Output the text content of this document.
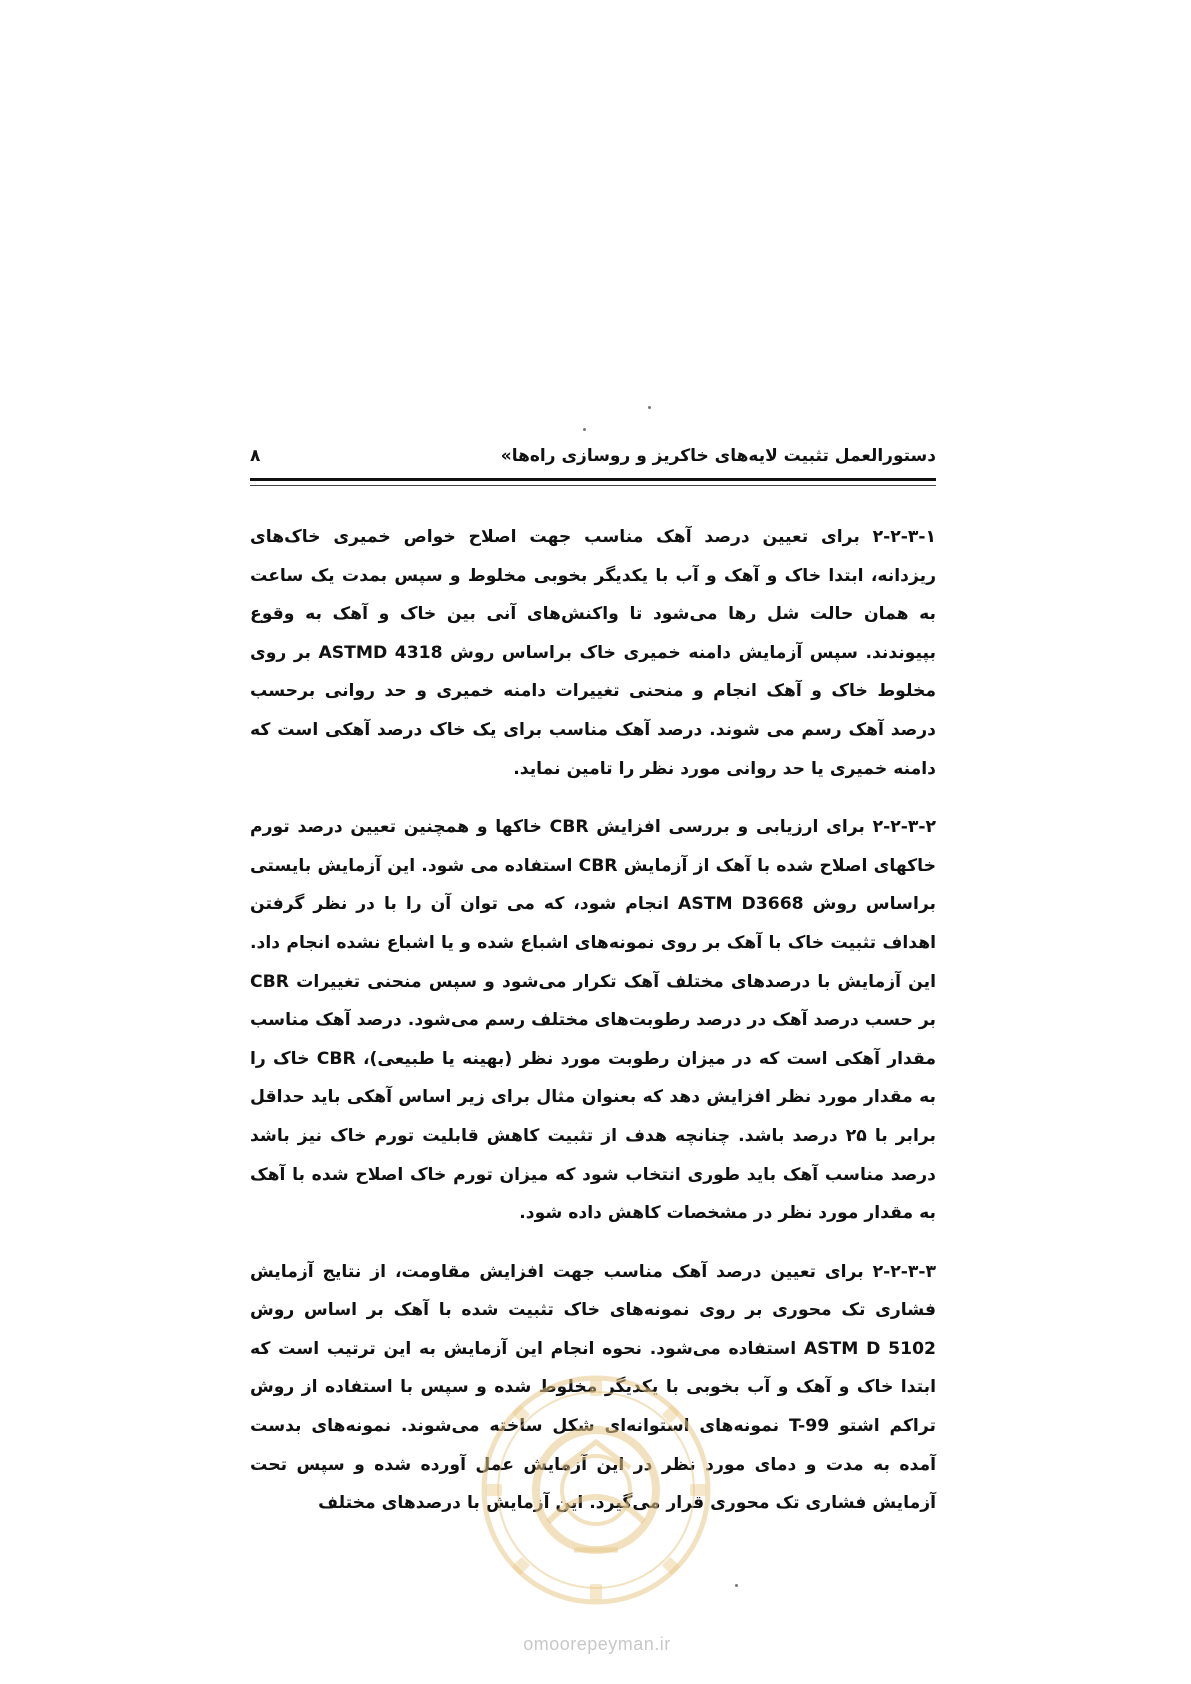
دستورالعمل تثبیت لایه‌های خاکریز و روسازی راه‌ها»
۸

۲-۲-۳-۱ برای تعیین درصد آهک مناسب جهت اصلاح خواص خمیری خاک‌های ریزدانه، ابتدا خاک و آهک و آب با یکدیگر بخوبی مخلوط و سپس بمدت یک ساعت به همان حالت شل رها می‌شود تا واکنش‌های آنی بین خاک و آهک به وقوع بپیوندند. سپس آزمایش دامنه خمیری خاک براساس روش ASTMD 4318 بر روی مخلوط خاک و آهک انجام و منحنی تغییرات دامنه خمیری و حد روانی برحسب درصد آهک رسم می شوند. درصد آهک مناسب برای یک خاک درصد آهکی است که دامنه خمیری یا حد روانی مورد نظر را تامین نماید.

۲-۲-۳-۲ برای ارزیابی و بررسی افزایش CBR خاکها و همچنین تعیین درصد تورم خاکهای اصلاح شده با آهک از آزمایش CBR استفاده می شود. این آزمایش بایستی براساس روش ASTM D3668 انجام شود، که می توان آن را با در نظر گرفتن اهداف تثبیت خاک با آهک بر روی نمونه‌های اشباع شده و یا اشباع نشده انجام داد. این آزمایش با درصدهای مختلف آهک تکرار می‌شود و سپس منحنی تغییرات CBR بر حسب درصد آهک در درصد رطوبت‌های مختلف رسم می‌شود. درصد آهک مناسب مقدار آهکی است که در میزان رطوبت مورد نظر (بهینه یا طبیعی)، CBR خاک را به مقدار مورد نظر افزایش دهد که بعنوان مثال برای زیر اساس آهکی باید حداقل برابر با ۲۵ درصد باشد. چنانچه هدف از تثبیت کاهش قابلیت تورم خاک نیز باشد درصد مناسب آهک باید طوری انتخاب شود که میزان تورم خاک اصلاح شده با آهک به مقدار مورد نظر در مشخصات کاهش داده شود.

۲-۲-۳-۳ برای تعیین درصد آهک مناسب جهت افزایش مقاومت، از نتایج آزمایش فشاری تک محوری بر روی نمونه‌های خاک تثبیت شده با آهک بر اساس روش ASTM D 5102 استفاده می‌شود. نحوه انجام این آزمایش به این ترتیب است که ابتدا خاک و آهک و آب بخوبی با یکدیگر مخلوط شده و سپس با استفاده از روش تراکم اشتو T-99 نمونه‌های استوانه‌ای شکل ساخته می‌شوند. نمونه‌های بدست آمده به مدت و دمای مورد نظر در این آزمایش عمل آورده شده و سپس تحت آزمایش فشاری تک محوری قرار می‌گیرد. این آزمایش با درصدهای مختلف

omoorepeyman.ir
